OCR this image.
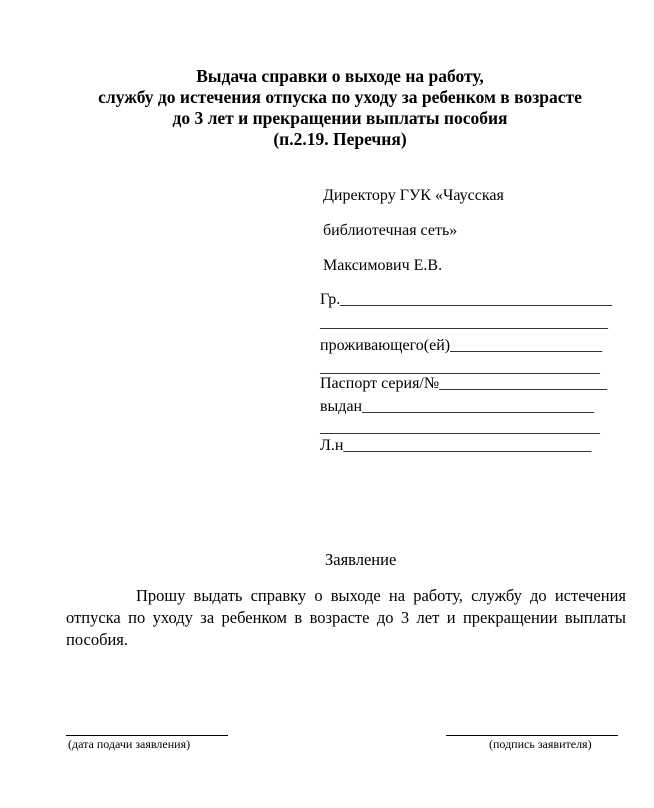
Выдача справки о выходе на работу,
службу до истечения отпуска по уходу за ребенком в возрасте
до 3 лет и прекращении выплаты пособия
(п.2.19. Перечня)
Директору ГУК «Чаусская
библиотечная сеть»
Максимович Е.В.
Гр.__________________________________
____________________________________
проживающего(ей)___________________
___________________________________
Паспорт серия/№_____________________
выдан_____________________________
___________________________________
Л.н_______________________________
Заявление
Прошу выдать справку о выходе на работу, службу до истечения отпуска по уходу за ребенком в возрасте до 3 лет и прекращении выплаты пособия.
(дата подачи заявления)	(подпись заявителя)
